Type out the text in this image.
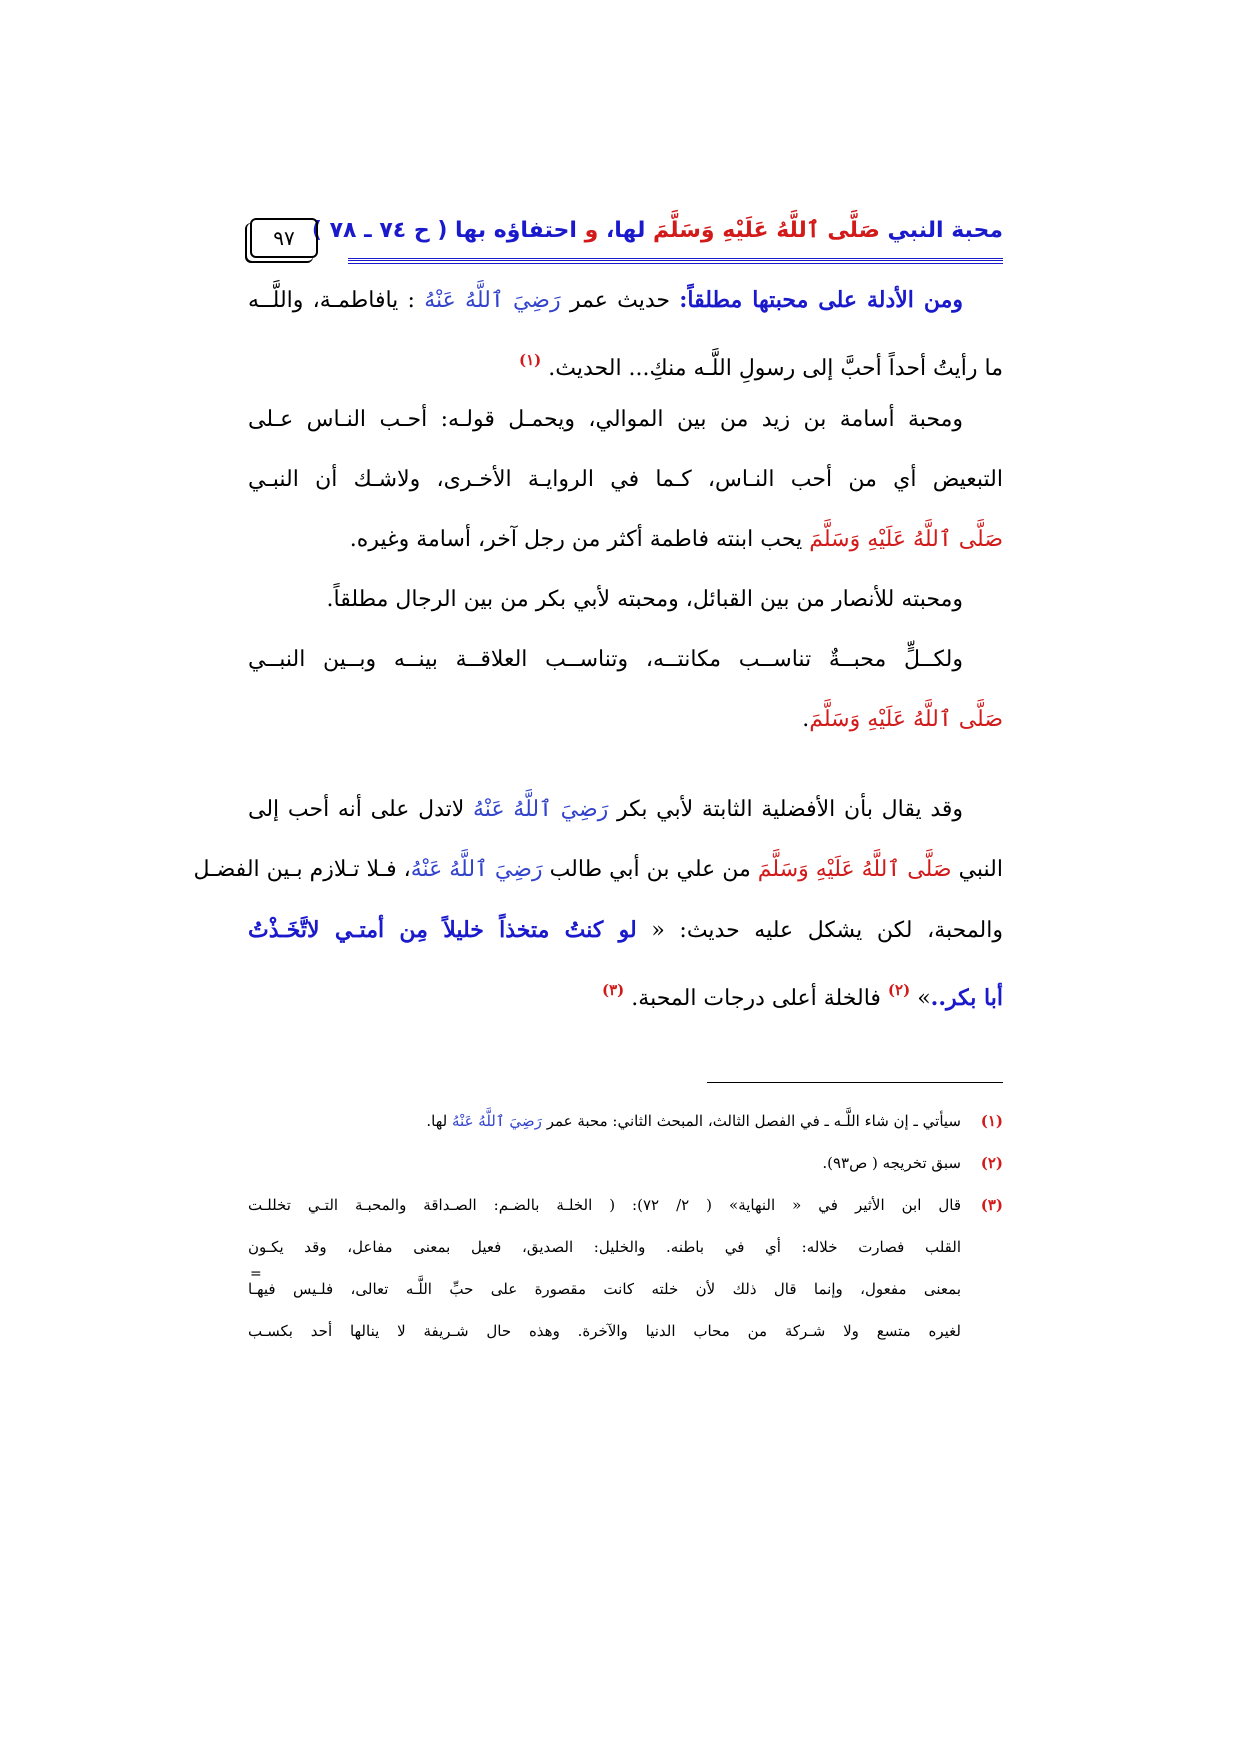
محبة النبي صَلَّى ٱللَّهُ عَلَيْهِ وَسَلَّمَ لها، و احتفاؤه بها ( ح ٧٤ ـ ٧٨ )
٩٧
ومن الأدلة على محبتها مطلقاً: حديث عمر رَضِيَ ٱللَّهُ عَنْهُ : يافاطمـة، واللَّــه
ما رأيتُ أحداً أحبَّ إلى رسولِ اللَّـه منكِ... الحديث. $^{(١)}$
ومحبة أسامة بن زيد من بين الموالي، ويحمـل قولـه: أحـب النـاس عـلى
التبعيض أي من أحب النـاس، كـما في الروايـة الأخـرى، ولاشـك أن النبـي
صَلَّى ٱللَّهُ عَلَيْهِ وَسَلَّمَ يحب ابنته فاطمة أكثر من رجل آخر، أسامة وغيره.
ومحبته للأنصار من بين القبائل، ومحبته لأبي بكر من بين الرجال مطلقاً.
ولكــلٍّ محبــةٌ تناســب مكانتــه، وتناســب العلاقــة بينــه وبــين النبــي
صَلَّى ٱللَّهُ عَلَيْهِ وَسَلَّمَ.
وقد يقال بأن الأفضلية الثابتة لأبي بكر رَضِيَ ٱللَّهُ عَنْهُ لاتدل على أنه أحب إلى
النبي صَلَّى ٱللَّهُ عَلَيْهِ وَسَلَّمَ من علي بن أبي طالب رَضِيَ ٱللَّهُ عَنْهُ، فـلا تـلازم بـين الفضـل
والمحبة، لكن يشكل عليه حديث: « لو كنتُ متخذاً خليلاً مِن أمتـي لاتَّخَـذْتُ
أبا بكر..» $^{(٢)}$ فالخلة أعلى درجات المحبة. $^{(٣)}$
(١)سيأتي ـ إن شاء اللَّـه ـ في الفصل الثالث، المبحث الثاني: محبة عمر رَضِيَ ٱللَّهُ عَنْهُ لها.
(٢)سبق تخريجه ( ص٩٣).
(٣)قال ابن الأثير في « النهاية» ( ٢/ ٧٢): ( الخلـة بالضـم: الصـداقة والمحبـة التـي تخللـت
القلب فصارت خلاله: أي في باطنه. والخليل: الصديق، فعيل بمعنى مفاعل، وقد يكـون
بمعنى مفعول، وإنما قال ذلك لأن خلته كانت مقصورة على حبِّ اللَّـه تعالى، فلـيس فيهـا
لغيره متسع ولا شـركة من محاب الدنيا والآخرة. وهذه حال شـريفة لا ينالها أحد بكسـب
=
